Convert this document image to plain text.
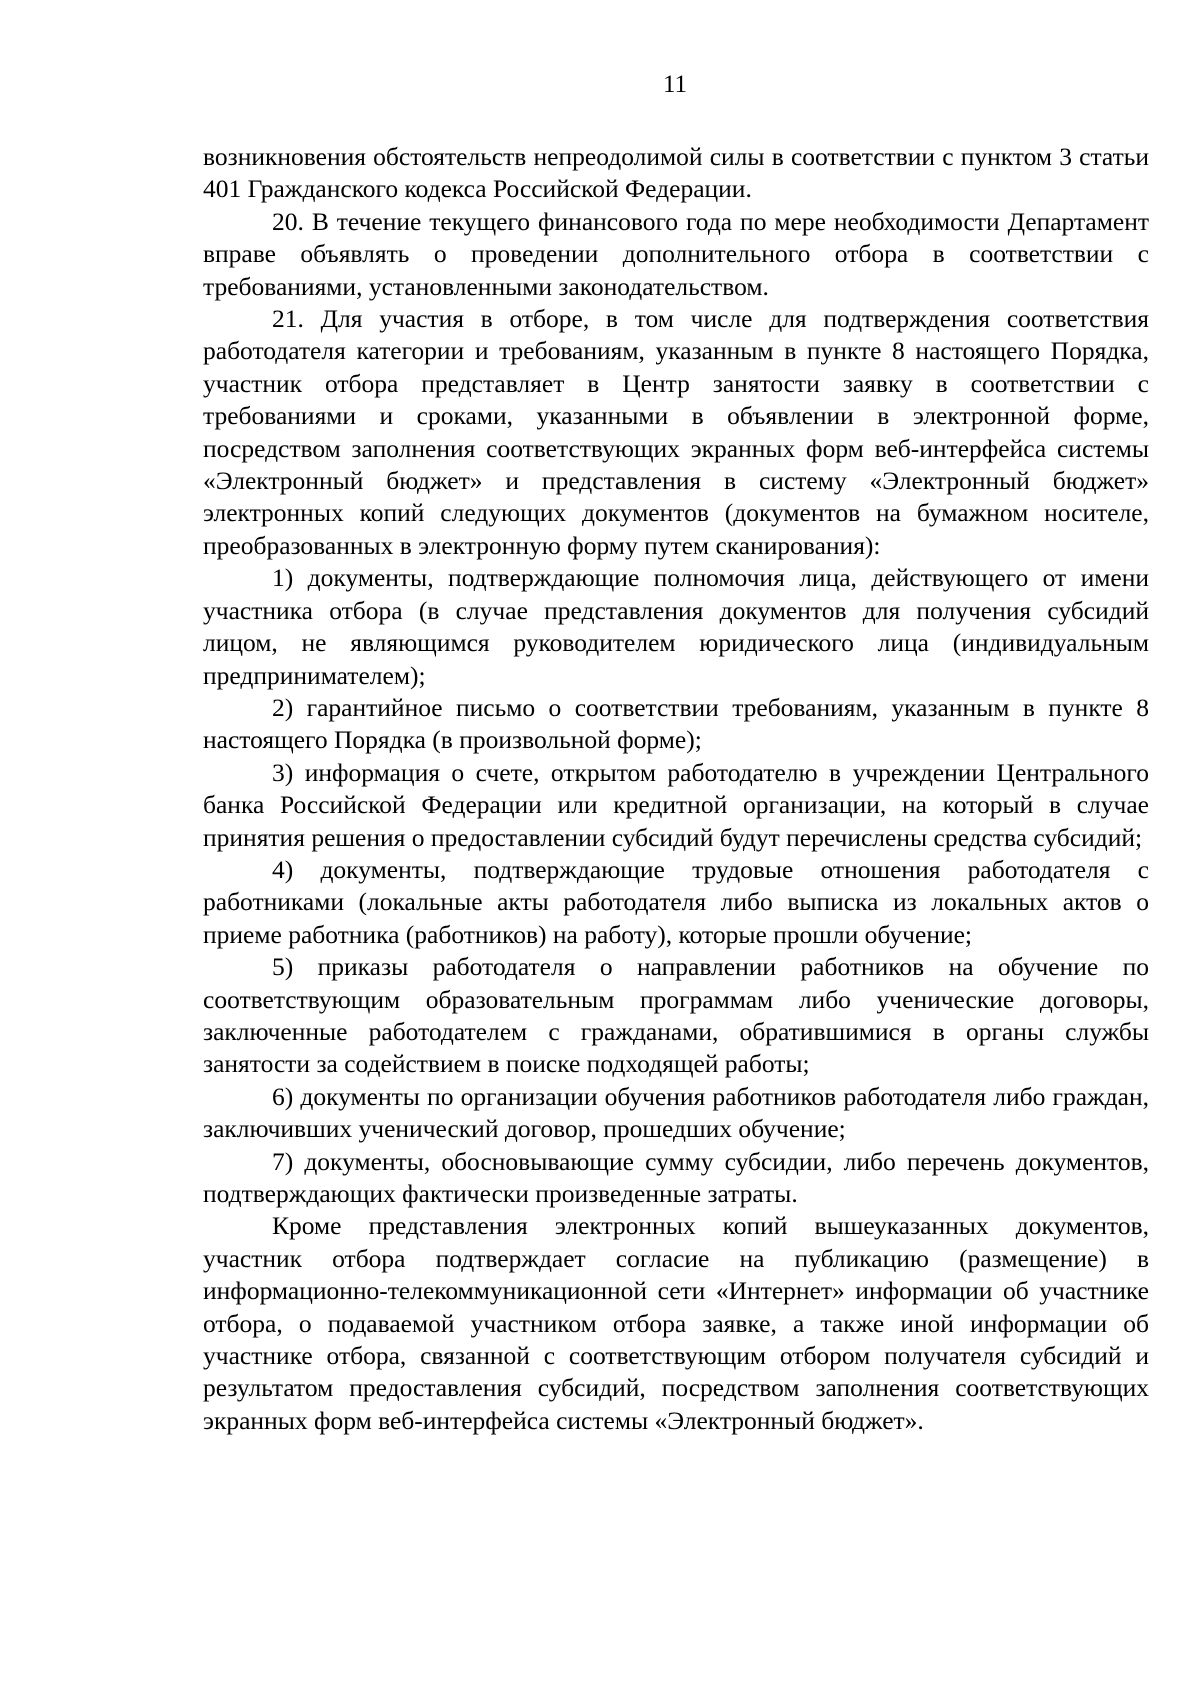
11

возникновения обстоятельств непреодолимой силы в соответствии с пунктом 3 статьи 401 Гражданского кодекса Российской Федерации.

20. В течение текущего финансового года по мере необходимости Департамент вправе объявлять о проведении дополнительного отбора в соответствии с требованиями, установленными законодательством.

21. Для участия в отборе, в том числе для подтверждения соответствия работодателя категории и требованиям, указанным в пункте 8 настоящего Порядка, участник отбора представляет в Центр занятости заявку в соответствии с требованиями и сроками, указанными в объявлении в электронной форме, посредством заполнения соответствующих экранных форм веб-интерфейса системы «Электронный бюджет» и представления в систему «Электронный бюджет» электронных копий следующих документов (документов на бумажном носителе, преобразованных в электронную форму путем сканирования):

1) документы, подтверждающие полномочия лица, действующего от имени участника отбора (в случае представления документов для получения субсидий лицом, не являющимся руководителем юридического лица (индивидуальным предпринимателем);

2) гарантийное письмо о соответствии требованиям, указанным в пункте 8 настоящего Порядка (в произвольной форме);

3) информация о счете, открытом работодателю в учреждении Центрального банка Российской Федерации или кредитной организации, на который в случае принятия решения о предоставлении субсидий будут перечислены средства субсидий;

4) документы, подтверждающие трудовые отношения работодателя с работниками (локальные акты работодателя либо выписка из локальных актов о приеме работника (работников) на работу), которые прошли обучение;

5) приказы работодателя о направлении работников на обучение по соответствующим образовательным программам либо ученические договоры, заключенные работодателем с гражданами, обратившимися в органы службы занятости за содействием в поиске подходящей работы;

6) документы по организации обучения работников работодателя либо граждан, заключивших ученический договор, прошедших обучение;

7) документы, обосновывающие сумму субсидии, либо перечень документов, подтверждающих фактически произведенные затраты.

Кроме представления электронных копий вышеуказанных документов, участник отбора подтверждает согласие на публикацию (размещение) в информационно-телекоммуникационной сети «Интернет» информации об участнике отбора, о подаваемой участником отбора заявке, а также иной информации об участнике отбора, связанной с соответствующим отбором получателя субсидий и результатом предоставления субсидий, посредством заполнения соответствующих экранных форм веб-интерфейса системы «Электронный бюджет».
